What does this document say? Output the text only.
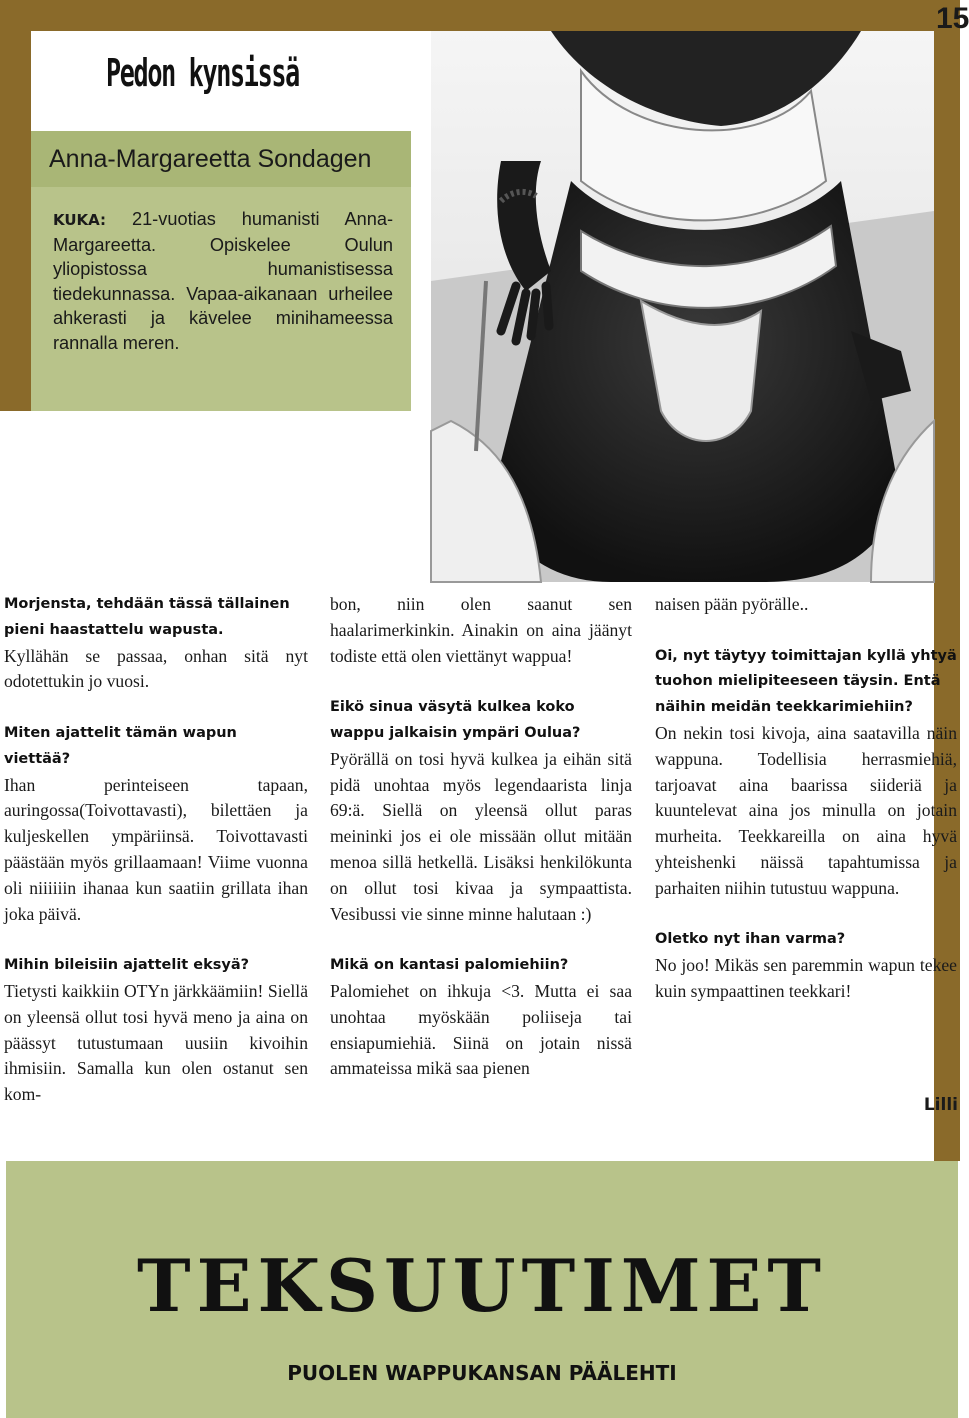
15
Pedon kynsissä
Anna-Margareetta Sondagen
KUKA: 21-vuotias humanisti Anna-Margareetta. Opiskelee Oulun yliopistossa humanistisessa tiedekunnassa. Vapaa-aikanaan urheilee ahkerasti ja kävelee minihameessa rannalla meren.
Morjensta, tehdään tässä tällainen pieni haastattelu wapusta.
Kyllähän se passaa, onhan sitä nyt odotettukin jo vuosi.
Miten ajattelit tämän wapun viettää?
Ihan perinteiseen tapaan, auringossa(Toivottavasti), bilettäen ja kuljeskellen ympäriinsä. Toivottavasti päästään myös grillaamaan! Viime vuonna oli niiiiiin ihanaa kun saatiin grillata ihan joka päivä.
Mihin bileisiin ajattelit eksyä?
Tietysti kaikkiin OTYn järkkäämiin! Siellä on yleensä ollut tosi hyvä meno ja aina on päässyt tutustumaan uusiin kivoihin ihmisiin. Samalla kun olen ostanut sen kom-
bon, niin olen saanut sen haalarimerkinkin. Ainakin on aina jäänyt todiste että olen viettänyt wappua!
Eikö sinua väsytä kulkea koko wappu jalkaisin ympäri Oulua?
Pyörällä on tosi hyvä kulkea ja eihän sitä pidä unohtaa myös legendaarista linja 69:ä. Siellä on yleensä ollut paras meininki jos ei ole missään ollut mitään menoa sillä hetkellä. Lisäksi henkilökunta on ollut tosi kivaa ja sympaattista. Vesibussi vie sinne minne halutaan :)
Mikä on kantasi palomiehiin?
Palomiehet on ihkuja <3. Mutta ei saa unohtaa myöskään poliiseja tai ensiapumiehiä. Siinä on jotain nissä ammateissa mikä saa pienen
naisen pään pyörälle..
Oi, nyt täytyy toimittajan kyllä yhtyä tuohon mielipiteeseen täysin. Entä näihin meidän teekkarimiehiin?
On nekin tosi kivoja, aina saatavilla näin wappuna. Todellisia herrasmiehiä, tarjoavat aina baarissa siideriä ja kuuntelevat aina jos minulla on jotain murheita. Teekkareilla on aina hyvä yhteishenki näissä tapahtumissa ja parhaiten niihin tutustuu wappuna.
Oletko nyt ihan varma?
No joo! Mikäs sen paremmin wapun tekee kuin sympaattinen teekkari!
Lilli
TEKSUUTIMET
PUOLEN WAPPUKANSAN PÄÄLEHTI
